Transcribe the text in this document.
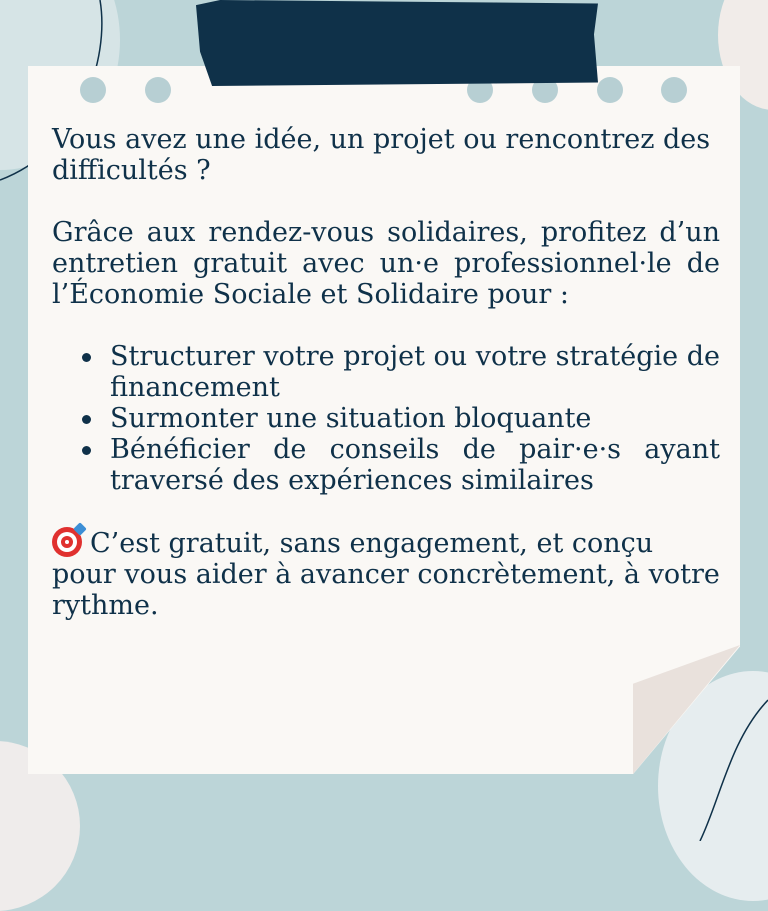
Vous avez une idée, un projet ou rencontrez des difficultés ?

Grâce aux rendez-vous solidaires, profitez d’un entretien gratuit avec un·e professionnel·le de l’Économie Sociale et Solidaire pour :

Structurer votre projet ou votre stratégie de financement
Surmonter une situation bloquante
Bénéficier de conseils de pair·e·s ayant traversé des expériences similaires

C’est gratuit, sans engagement, et conçu pour vous aider à avancer concrètement, à votre rythme.
